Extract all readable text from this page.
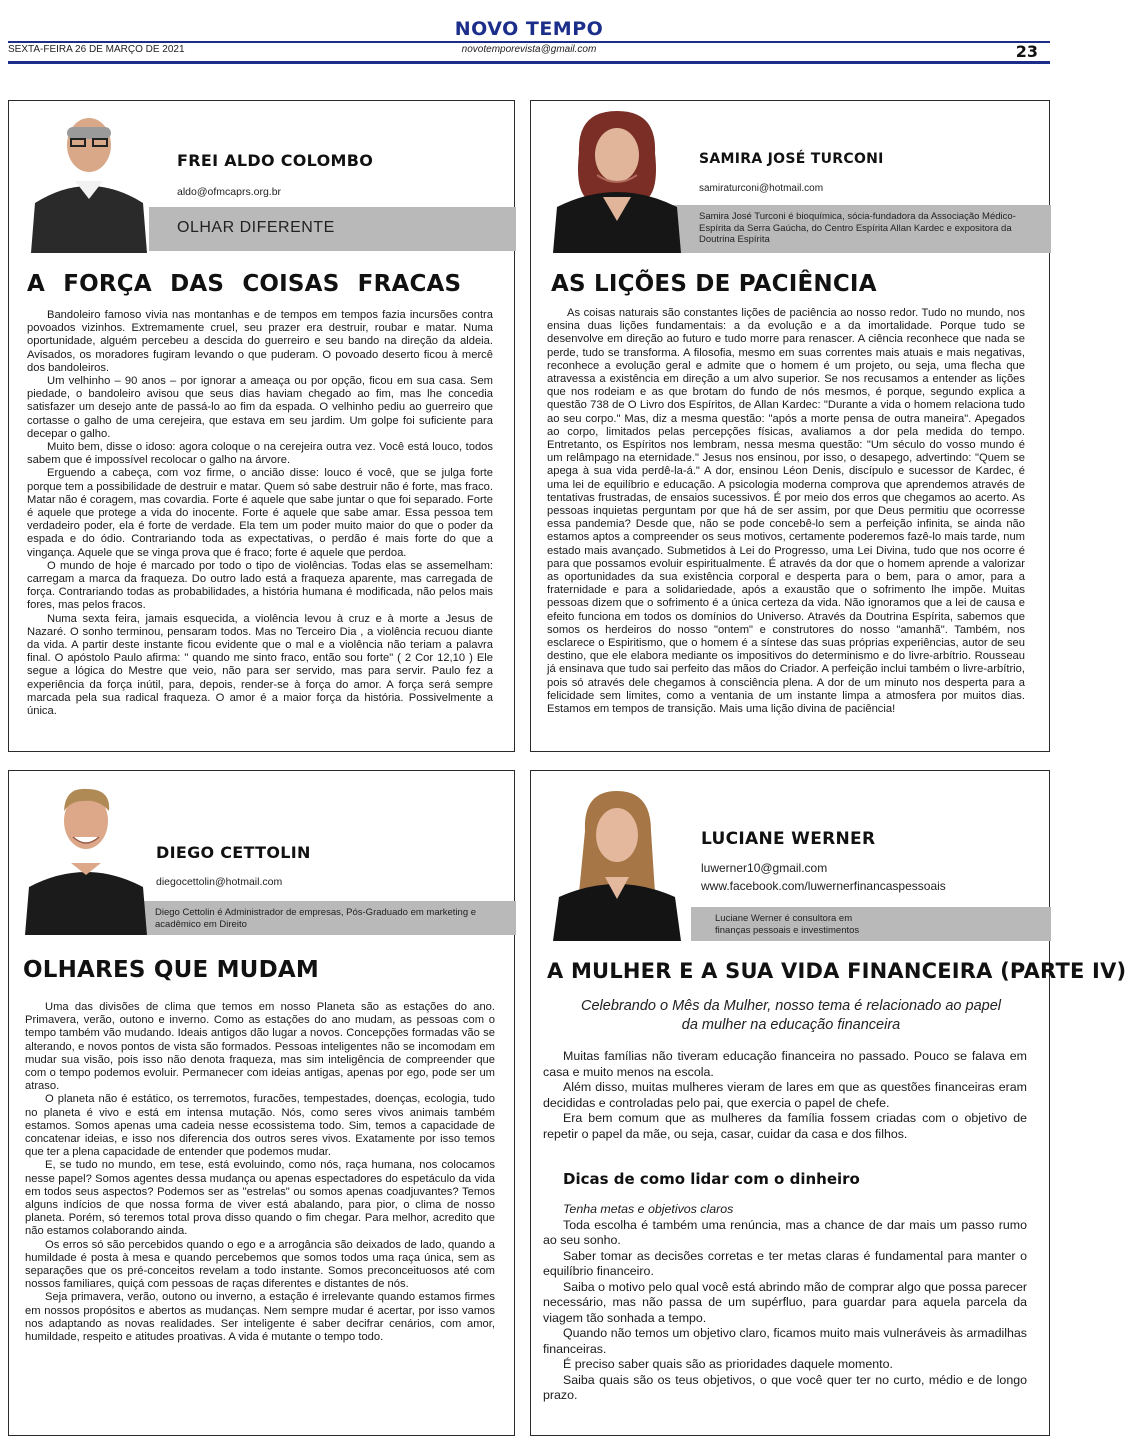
NOVO TEMPO
SEXTA-FEIRA 26 DE MARÇO DE 2021	novotemporevista@gmail.com	23
FREI ALDO COLOMBO
aldo@ofmcaprs.org.br
OLHAR DIFERENTE
A FORÇA DAS COISAS FRACAS

Bandoleiro famoso vivia nas montanhas e de tempos em tempos fazia incursões contra povoados vizinhos. Extremamente cruel, seu prazer era destruir, roubar e matar. Numa oportunidade, alguém percebeu a descida do guerreiro e seu bando na direção da aldeia. Avisados, os moradores fugiram levando o que puderam. O povoado deserto ficou à mercê dos bandoleiros.

Um velhinho – 90 anos – por ignorar a ameaça ou por opção, ficou em sua casa. Sem piedade, o bandoleiro avisou que seus dias haviam chegado ao fim, mas lhe concedia satisfazer um desejo ante de passá-lo ao fim da espada. O velhinho pediu ao guerreiro que cortasse o galho de uma cerejeira, que estava em seu jardim. Um golpe foi suficiente para decepar o galho.

Muito bem, disse o idoso: agora coloque o na cerejeira outra vez. Você está louco, todos sabem que é impossível recolocar o galho na árvore.

Erguendo a cabeça, com voz firme, o ancião disse: louco é você, que se julga forte porque tem a possibilidade de destruir e matar. Quem só sabe destruir não é forte, mas fraco. Matar não é coragem, mas covardia. Forte é aquele que sabe juntar o que foi separado. Forte é aquele que protege a vida do inocente. Forte é aquele que sabe amar. Essa pessoa tem verdadeiro poder, ela é forte de verdade. Ela tem um poder muito maior do que o poder da espada e do ódio. Contrariando toda as expectativas, o perdão é mais forte do que a vingança. Aquele que se vinga prova que é fraco; forte é aquele que perdoa.

O mundo de hoje é marcado por todo o tipo de violências. Todas elas se assemelham: carregam a marca da fraqueza. Do outro lado está a fraqueza aparente, mas carregada de força. Contrariando todas as probabilidades, a história humana é modificada, não pelos mais fores, mas pelos fracos.

Numa sexta feira, jamais esquecida, a violência levou à cruz e à morte a Jesus de Nazaré. O sonho terminou, pensaram todos. Mas no Terceiro Dia , a violência recuou diante da vida. A partir deste instante ficou evidente que o mal e a violência não teriam a palavra final. O apóstolo Paulo afirma: " quando me sinto fraco, então sou forte" ( 2 Cor 12,10 ) Ele segue a lógica do Mestre que veio, não para ser servido, mas para servir. Paulo fez a experiência da força inútil, para, depois, render-se à força do amor. A força será sempre marcada pela sua radical fraqueza. O amor é a maior força da história. Possivelmente a única.

Samira José Turconi é bioquímica, sócia-fundadora da Associação Médico-Espírita da Serra Gaúcha, do Centro Espírita Allan Kardec e expositora da Doutrina Espírita
SAMIRA JOSÉ TURCONI
samiraturconi@hotmail.com
AS LIÇÕES DE PACIÊNCIA

As coisas naturais são constantes lições de paciência ao nosso redor. Tudo no mundo, nos ensina duas lições fundamentais: a da evolução e a da imortalidade. Porque tudo se desenvolve em direção ao futuro e tudo morre para renascer. A ciência reconhece que nada se perde, tudo se transforma. A filosofia, mesmo em suas correntes mais atuais e mais negativas, reconhece a evolução geral e admite que o homem é um projeto, ou seja, uma flecha que atravessa a existência em direção a um alvo superior. Se nos recusamos a entender as lições que nos rodeiam e as que brotam do fundo de nós mesmos, é porque, segundo explica a questão 738 de O Livro dos Espíritos, de Allan Kardec: "Durante a vida o homem relaciona tudo ao seu corpo." Mas, diz a mesma questão: "após a morte pensa de outra maneira". Apegados ao corpo, limitados pelas percepções físicas, avaliamos a dor pela medida do tempo. Entretanto, os Espíritos nos lembram, nessa mesma questão: "Um século do vosso mundo é um relâmpago na eternidade." Jesus nos ensinou, por isso, o desapego, advertindo: "Quem se apega à sua vida perdê-la-á." A dor, ensinou Léon Denis, discípulo e sucessor de Kardec, é uma lei de equilíbrio e educação. A psicologia moderna comprova que aprendemos através de tentativas frustradas, de ensaios sucessivos. É por meio dos erros que chegamos ao acerto. As pessoas inquietas perguntam por que há de ser assim, por que Deus permitiu que ocorresse essa pandemia? Desde que, não se pode concebê-lo sem a perfeição infinita, se ainda não estamos aptos a compreender os seus motivos, certamente poderemos fazê-lo mais tarde, num estado mais avançado. Submetidos à Lei do Progresso, uma Lei Divina, tudo que nos ocorre é para que possamos evoluir espiritualmente. É através da dor que o homem aprende a valorizar as oportunidades da sua existência corporal e desperta para o bem, para o amor, para a fraternidade e para a solidariedade, após a exaustão que o sofrimento lhe impõe. Muitas pessoas dizem que o sofrimento é a única certeza da vida. Não ignoramos que a lei de causa e efeito funciona em todos os domínios do Universo. Através da Doutrina Espírita, sabemos que somos os herdeiros do nosso "ontem" e construtores do nosso "amanhã". Também, nos esclarece o Espiritismo, que o homem é a síntese das suas próprias experiências, autor de seu destino, que ele elabora mediante os impositivos do determinismo e do livre-arbítrio. Rousseau já ensinava que tudo sai perfeito das mãos do Criador. A perfeição inclui também o livre-arbítrio, pois só através dele chegamos à consciência plena. A dor de um minuto nos desperta para a felicidade sem limites, como a ventania de um instante limpa a atmosfera por muitos dias. Estamos em tempos de transição. Mais uma lição divina de paciência!

Diego Cettolin é Administrador de empresas, Pós-Graduado em marketing e acadêmico em Direito
DIEGO CETTOLIN
diegocettolin@hotmail.com
OLHARES QUE MUDAM

Uma das divisões de clima que temos em nosso Planeta são as estações do ano. Primavera, verão, outono e inverno. Como as estações do ano mudam, as pessoas com o tempo também vão mudando. Ideais antigos dão lugar a novos. Concepções formadas vão se alterando, e novos pontos de vista são formados. Pessoas inteligentes não se incomodam em mudar sua visão, pois isso não denota fraqueza, mas sim inteligência de compreender que com o tempo podemos evoluir. Permanecer com ideias antigas, apenas por ego, pode ser um atraso.

O planeta não é estático, os terremotos, furacões, tempestades, doenças, ecologia, tudo no planeta é vivo e está em intensa mutação. Nós, como seres vivos animais também estamos. Somos apenas uma cadeia nesse ecossistema todo. Sim, temos a capacidade de concatenar ideias, e isso nos diferencia dos outros seres vivos. Exatamente por isso temos que ter a plena capacidade de entender que podemos mudar.

E, se tudo no mundo, em tese, está evoluindo, como nós, raça humana, nos colocamos nesse papel? Somos agentes dessa mudança ou apenas espectadores do espetáculo da vida em todos seus aspectos? Podemos ser as "estrelas" ou somos apenas coadjuvantes? Temos alguns indícios de que nossa forma de viver está abalando, para pior, o clima de nosso planeta. Porém, só teremos total prova disso quando o fim chegar. Para melhor, acredito que não estamos colaborando ainda.

Os erros só são percebidos quando o ego e a arrogância são deixados de lado, quando a humildade é posta à mesa e quando percebemos que somos todos uma raça única, sem as separações que os pré-conceitos revelam a todo instante. Somos preconceituosos até com nossos familiares, quiçá com pessoas de raças diferentes e distantes de nós.

Seja primavera, verão, outono ou inverno, a estação é irrelevante quando estamos firmes em nossos propósitos e abertos as mudanças. Nem sempre mudar é acertar, por isso vamos nos adaptando as novas realidades. Ser inteligente é saber decifrar cenários, com amor, humildade, respeito e atitudes proativas. A vida é mutante o tempo todo.

Luciane Werner é consultora em finanças pessoais e investimentos
LUCIANE WERNER
luwerner10@gmail.com
www.facebook.com/luwernerfinancaspessoais
A MULHER E A SUA VIDA FINANCEIRA (PARTE IV)
Celebrando o Mês da Mulher, nosso tema é relacionado ao papel da mulher na educação financeira

Muitas famílias não tiveram educação financeira no passado. Pouco se falava em casa e muito menos na escola.

Além disso, muitas mulheres vieram de lares em que as questões financeiras eram decididas e controladas pelo pai, que exercia o papel de chefe.

Era bem comum que as mulheres da família fossem criadas com o objetivo de repetir o papel da mãe, ou seja, casar, cuidar da casa e dos filhos.

Dicas de como lidar com o dinheiro

Tenha metas e objetivos claros

Toda escolha é também uma renúncia, mas a chance de dar mais um passo rumo ao seu sonho.

Saber tomar as decisões corretas e ter metas claras é fundamental para manter o equilíbrio financeiro.

Saiba o motivo pelo qual você está abrindo mão de comprar algo que possa parecer necessário, mas não passa de um supérfluo, para guardar para aquela parcela da viagem tão sonhada a tempo.

Quando não temos um objetivo claro, ficamos muito mais vulneráveis às armadilhas financeiras.

É preciso saber quais são as prioridades daquele momento.

Saiba quais são os teus objetivos, o que você quer ter no curto, médio e de longo prazo.
